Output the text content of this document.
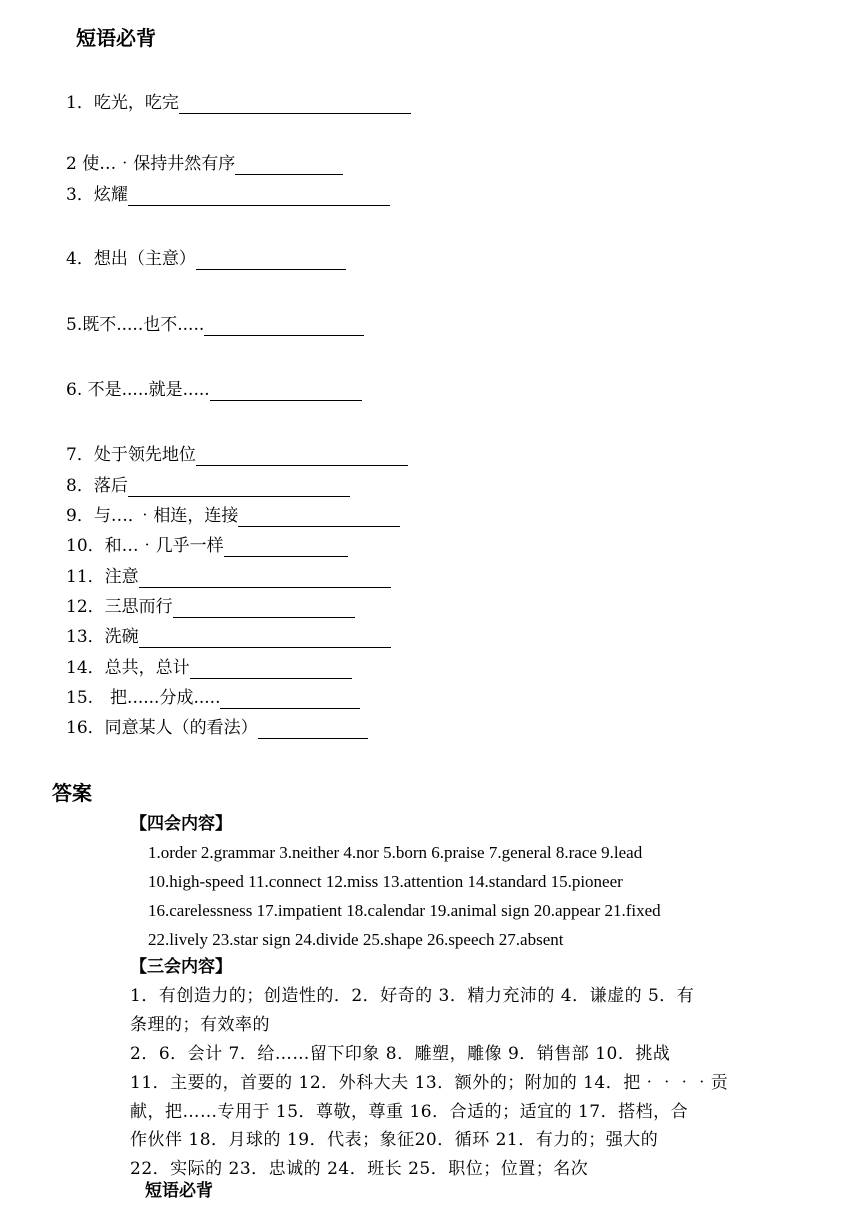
短语必背
1．吃光，吃完
2 使…‧保持井然有序
3．炫耀
4．想出（主意）
5.既不.....也不.....
6. 不是.....就是.....
7．处于领先地位
8．落后
9．与…．‧相连，连接
10．和…‧几乎一样
11．注意
12．三思而行
13．洗碗
14．总共，总计
15.　把......分成.....
16．同意某人（的看法）
答案
【四会内容】
1.order 2.grammar 3.neither 4.nor 5.born 6.praise 7.general 8.race 9.lead
10.high-speed 11.connect 12.miss 13.attention 14.standard 15.pioneer
16.carelessness 17.impatient 18.calendar 19.animal sign 20.appear 21.fixed
22.lively 23.star sign 24.divide 25.shape 26.speech 27.absent
【三会内容】
1．有创造力的；创造性的．2．好奇的 3．精力充沛的 4．谦虚的 5．有
条理的；有效率的
2．6．会计 7．给……留下印象 8．雕塑，雕像 9．销售部 10．挑战
11．主要的，首要的 12．外科大夫 13．额外的；附加的 14．把‧‧‧‧贡
献，把……专用于 15．尊敬，尊重 16．合适的；适宜的 17．搭档，合
作伙伴 18．月球的 19．代表；象征20．循环 21．有力的；强大的
22．实际的 23．忠诚的 24．班长 25．职位；位置；名次
短语必背
